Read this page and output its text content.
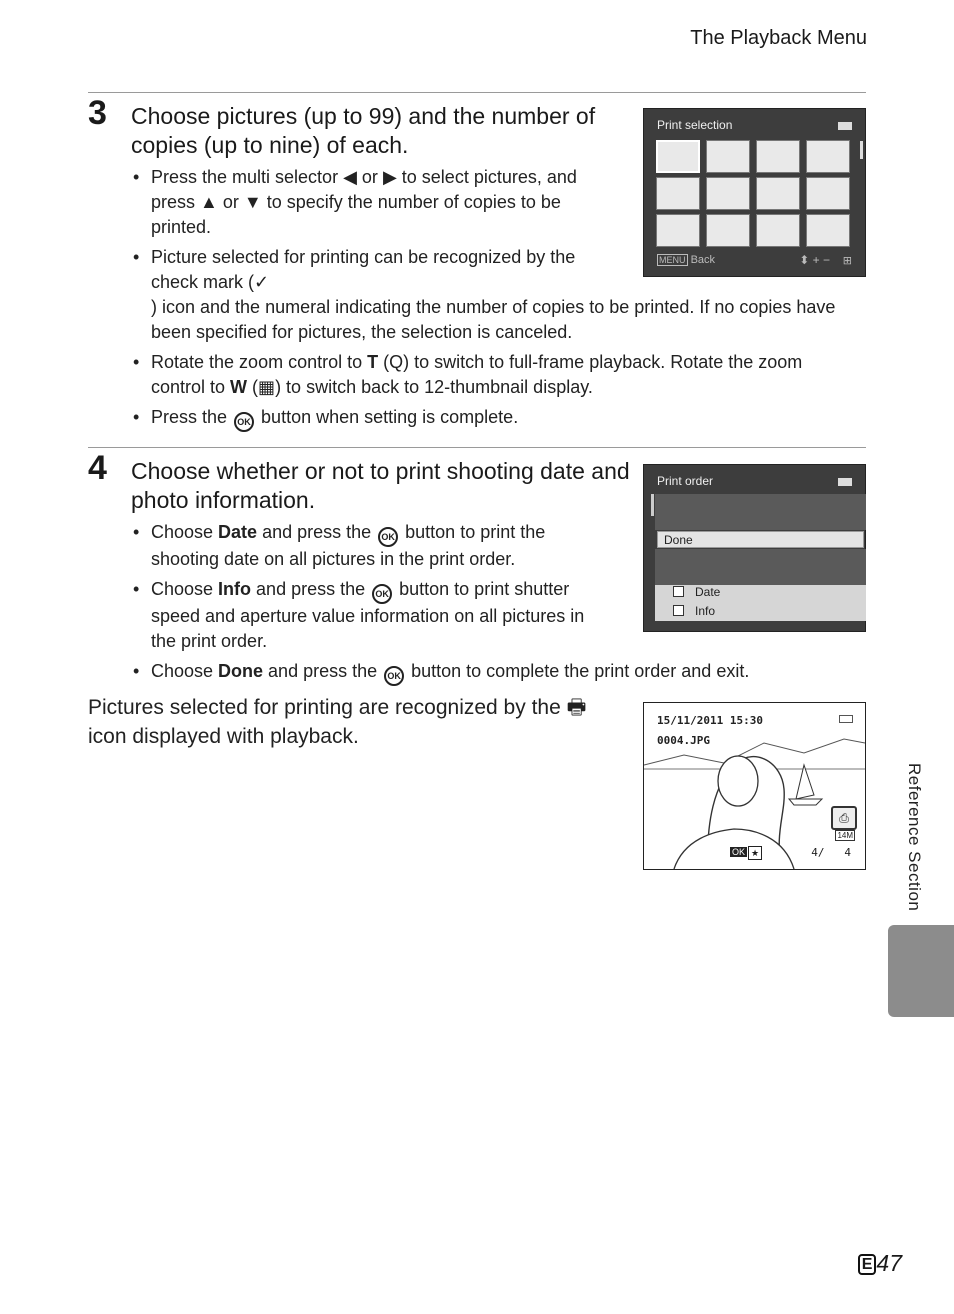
The Playback Menu
3 Choose pictures (up to 99) and the number of copies (up to nine) of each.
• Press the multi selector ◀ or ▶ to select pictures, and press ▲ or ▼ to specify the number of copies to be printed.
• Picture selected for printing can be recognized by the check mark (✓
) icon and the numeral indicating the number of copies to be printed. If no copies have been specified for pictures, the selection is canceled.
• Rotate the zoom control to T (Q) to switch to full-frame playback. Rotate the zoom control to W (▦) to switch back to 12-thumbnail display.
• Press the OK button when setting is complete.
Print selection
MENU Back	⬍ + − ⊞
4 Choose whether or not to print shooting date and photo information.
• Choose Date and press the OK button to print the shooting date on all pictures in the print order.
• Choose Info and press the OK button to print shutter speed and aperture value information on all pictures in the print order.
• Choose Done and press the OK button to complete the print order and exit.
Print order
Done
Date
Info
Pictures selected for printing are recognized by the 🖶 icon displayed with playback.
15/11/2011 15:30
0004.JPG
⎙
14M
OK ★	4/   4	Reference Section
E 47
